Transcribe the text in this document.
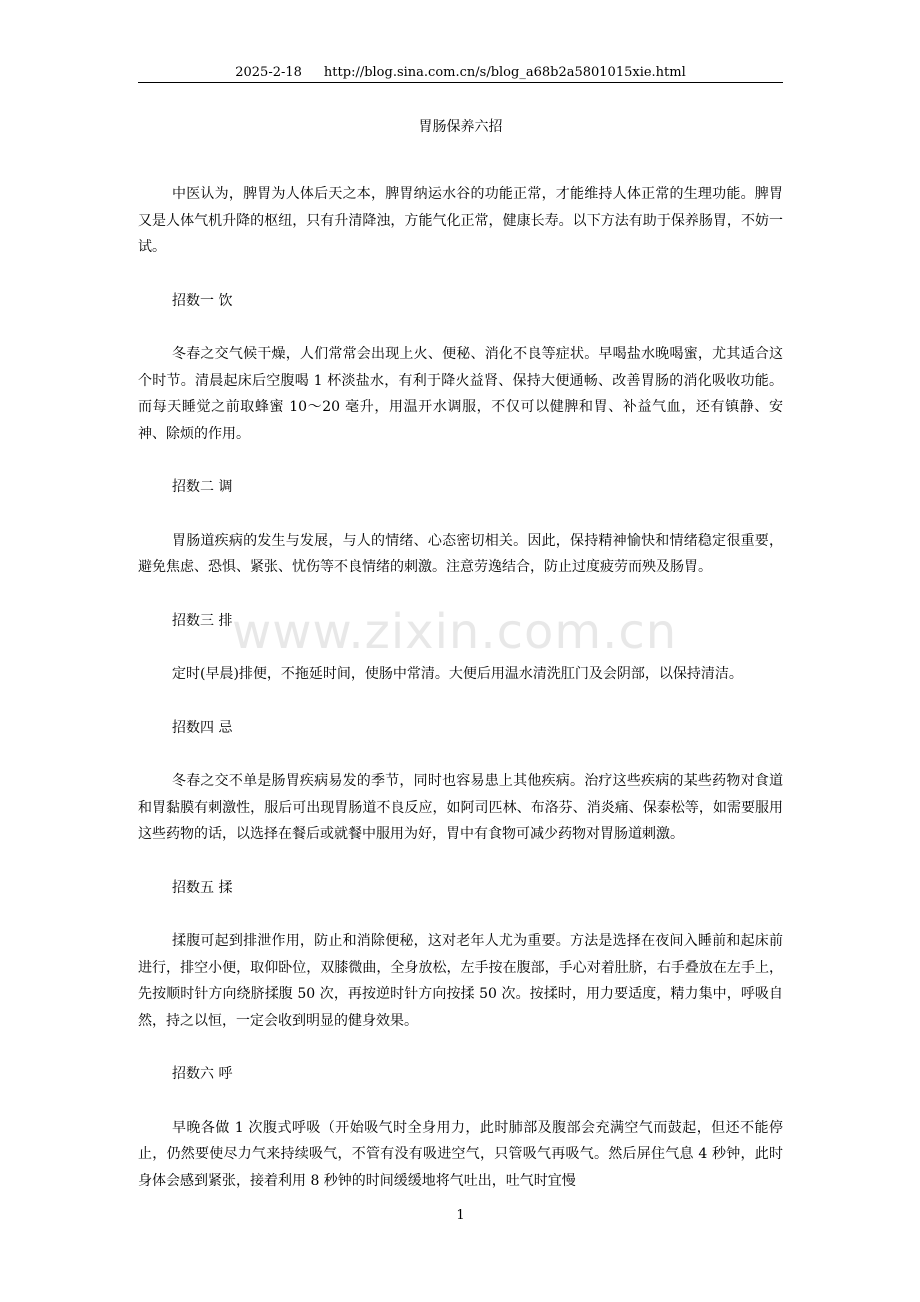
2025-2-18 http://blog.sina.com.cn/s/blog_a68b2a5801015xie.html
胃肠保养六招

中医认为，脾胃为人体后天之本，脾胃纳运水谷的功能正常，才能维持人体正常的生理功能。脾胃又是人体气机升降的枢纽，只有升清降浊，方能气化正常，健康长寿。以下方法有助于保养肠胃，不妨一试。

招数一 饮

冬春之交气候干燥，人们常常会出现上火、便秘、消化不良等症状。早喝盐水晚喝蜜，尤其适合这个时节。清晨起床后空腹喝 1 杯淡盐水，有利于降火益肾、保持大便通畅、改善胃肠的消化吸收功能。而每天睡觉之前取蜂蜜 10～20 毫升，用温开水调服，不仅可以健脾和胃、补益气血，还有镇静、安神、除烦的作用。

招数二 调

胃肠道疾病的发生与发展，与人的情绪、心态密切相关。因此，保持精神愉快和情绪稳定很重要，避免焦虑、恐惧、紧张、忧伤等不良情绪的刺激。注意劳逸结合，防止过度疲劳而殃及肠胃。

招数三 排

定时(早晨)排便，不拖延时间，使肠中常清。大便后用温水清洗肛门及会阴部，以保持清洁。

招数四 忌

冬春之交不单是肠胃疾病易发的季节，同时也容易患上其他疾病。治疗这些疾病的某些药物对食道和胃黏膜有刺激性，服后可出现胃肠道不良反应，如阿司匹林、布洛芬、消炎痛、保泰松等，如需要服用这些药物的话，以选择在餐后或就餐中服用为好，胃中有食物可减少药物对胃肠道刺激。

招数五 揉

揉腹可起到排泄作用，防止和消除便秘，这对老年人尤为重要。方法是选择在夜间入睡前和起床前进行，排空小便，取仰卧位，双膝微曲，全身放松，左手按在腹部，手心对着肚脐，右手叠放在左手上，先按顺时针方向绕脐揉腹 50 次，再按逆时针方向按揉 50 次。按揉时，用力要适度，精力集中，呼吸自然，持之以恒，一定会收到明显的健身效果。

招数六 呼

早晚各做 1 次腹式呼吸（开始吸气时全身用力，此时肺部及腹部会充满空气而鼓起，但还不能停止，仍然要使尽力气来持续吸气，不管有没有吸进空气，只管吸气再吸气。然后屏住气息 4 秒钟，此时身体会感到紧张，接着利用 8 秒钟的时间缓缓地将气吐出，吐气时宜慢

www.zixin.com.cn
1
